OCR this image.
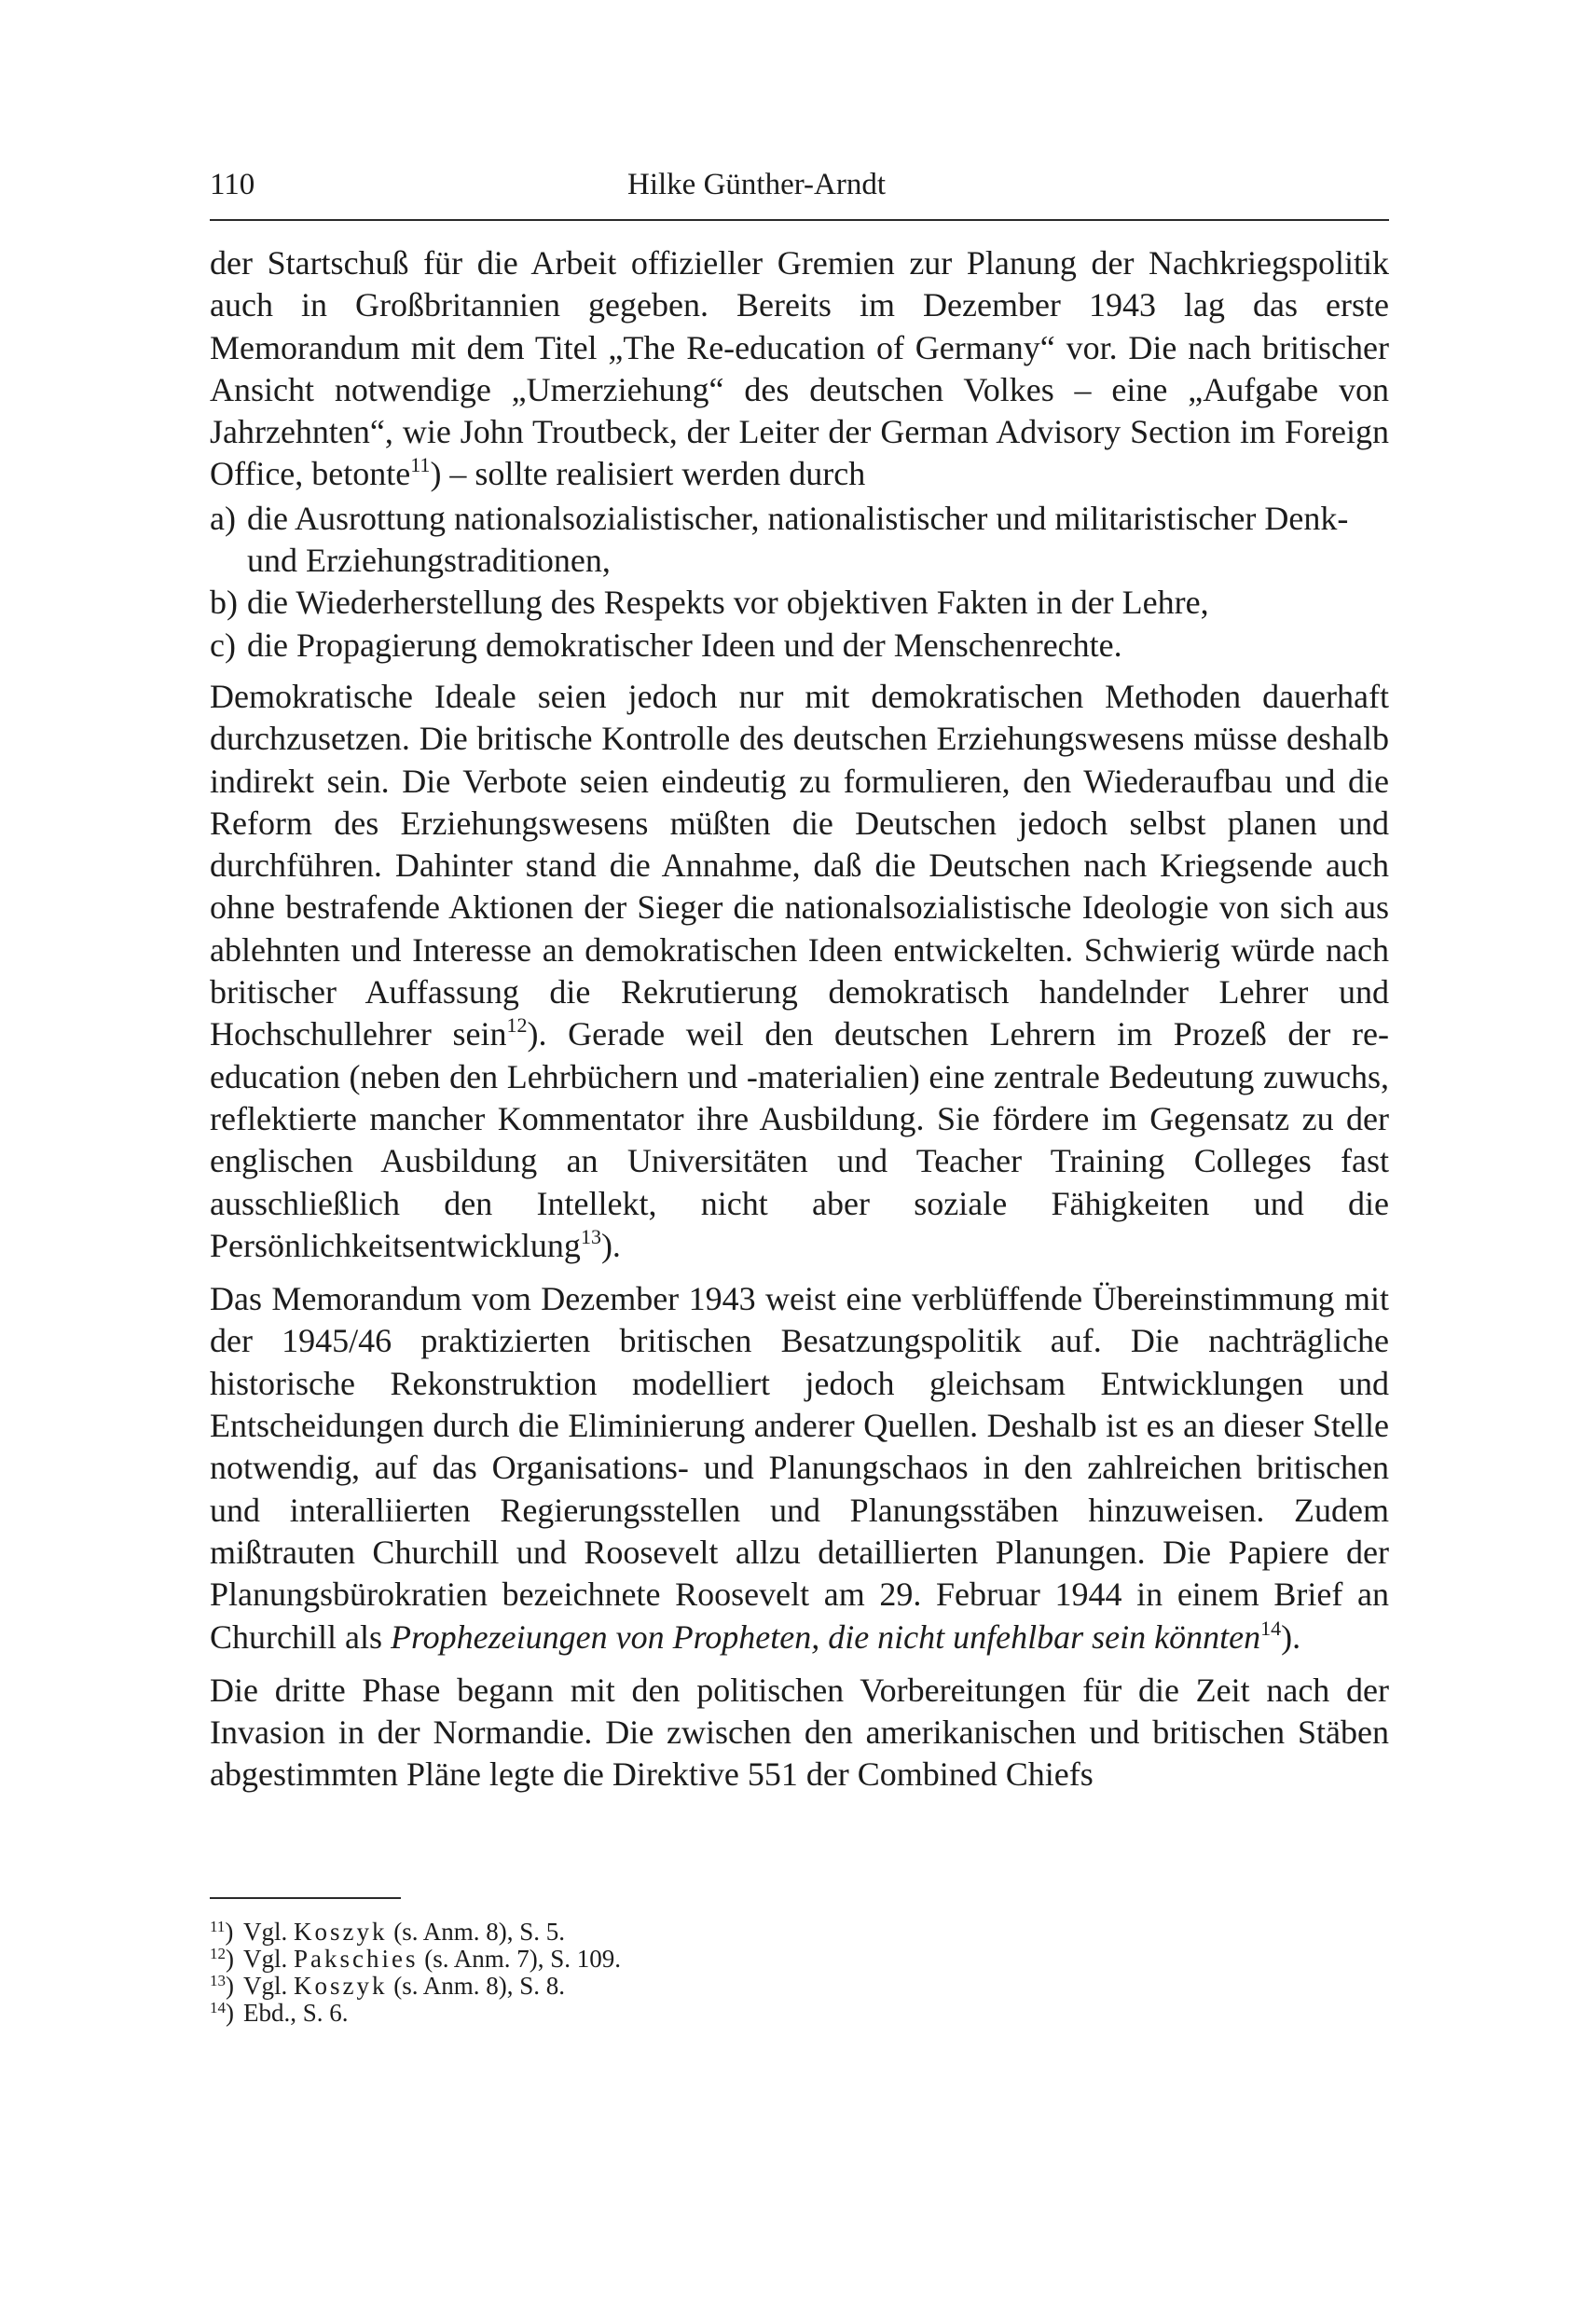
110	Hilke Günther-Arndt

der Startschuß für die Arbeit offizieller Gremien zur Planung der Nachkriegspolitik auch in Großbritannien gegeben. Bereits im Dezember 1943 lag das erste Memorandum mit dem Titel „The Re-education of Germany“ vor. Die nach britischer Ansicht notwendige „Umerziehung“ des deutschen Volkes – eine „Aufgabe von Jahrzehnten“, wie John Troutbeck, der Leiter der German Advisory Section im Foreign Office, betonte$^{11}$) – sollte realisiert werden durch

a) die Ausrottung nationalsozialistischer, nationalistischer und militaristischer Denk- und Erziehungstraditionen,
b) die Wiederherstellung des Respekts vor objektiven Fakten in der Lehre,
c) die Propagierung demokratischer Ideen und der Menschenrechte.

Demokratische Ideale seien jedoch nur mit demokratischen Methoden dauerhaft durchzusetzen. Die britische Kontrolle des deutschen Erziehungswesens müsse deshalb indirekt sein. Die Verbote seien eindeutig zu formulieren, den Wiederaufbau und die Reform des Erziehungswesens müßten die Deutschen jedoch selbst planen und durchführen. Dahinter stand die Annahme, daß die Deutschen nach Kriegsende auch ohne bestrafende Aktionen der Sieger die nationalsozialistische Ideologie von sich aus ablehnten und Interesse an demokratischen Ideen entwickelten. Schwierig würde nach britischer Auffassung die Rekrutierung demokratisch handelnder Lehrer und Hochschullehrer sein$^{12}$). Gerade weil den deutschen Lehrern im Prozeß der re-education (neben den Lehrbüchern und -materialien) eine zentrale Bedeutung zuwuchs, reflektierte mancher Kommentator ihre Ausbildung. Sie fördere im Gegensatz zu der englischen Ausbildung an Universitäten und Teacher Training Colleges fast ausschließlich den Intellekt, nicht aber soziale Fähigkeiten und die Persönlichkeitsentwicklung$^{13}$).

Das Memorandum vom Dezember 1943 weist eine verblüffende Übereinstimmung mit der 1945/46 praktizierten britischen Besatzungspolitik auf. Die nachträgliche historische Rekonstruktion modelliert jedoch gleichsam Entwicklungen und Entscheidungen durch die Eliminierung anderer Quellen. Deshalb ist es an dieser Stelle notwendig, auf das Organisations- und Planungschaos in den zahlreichen britischen und interalliierten Regierungsstellen und Planungsstäben hinzuweisen. Zudem mißtrauten Churchill und Roosevelt allzu detaillierten Planungen. Die Papiere der Planungsbürokratien bezeichnete Roosevelt am 29. Februar 1944 in einem Brief an Churchill als Prophezeiungen von Propheten, die nicht unfehlbar sein könnten$^{14}$).

Die dritte Phase begann mit den politischen Vorbereitungen für die Zeit nach der Invasion in der Normandie. Die zwischen den amerikanischen und britischen Stäben abgestimmten Pläne legte die Direktive 551 der Combined Chiefs

$^{11}$) Vgl. Koszyk (s. Anm. 8), S. 5.
$^{12}$) Vgl. Pakschies (s. Anm. 7), S. 109.
$^{13}$) Vgl. Koszyk (s. Anm. 8), S. 8.
$^{14}$) Ebd., S. 6.
